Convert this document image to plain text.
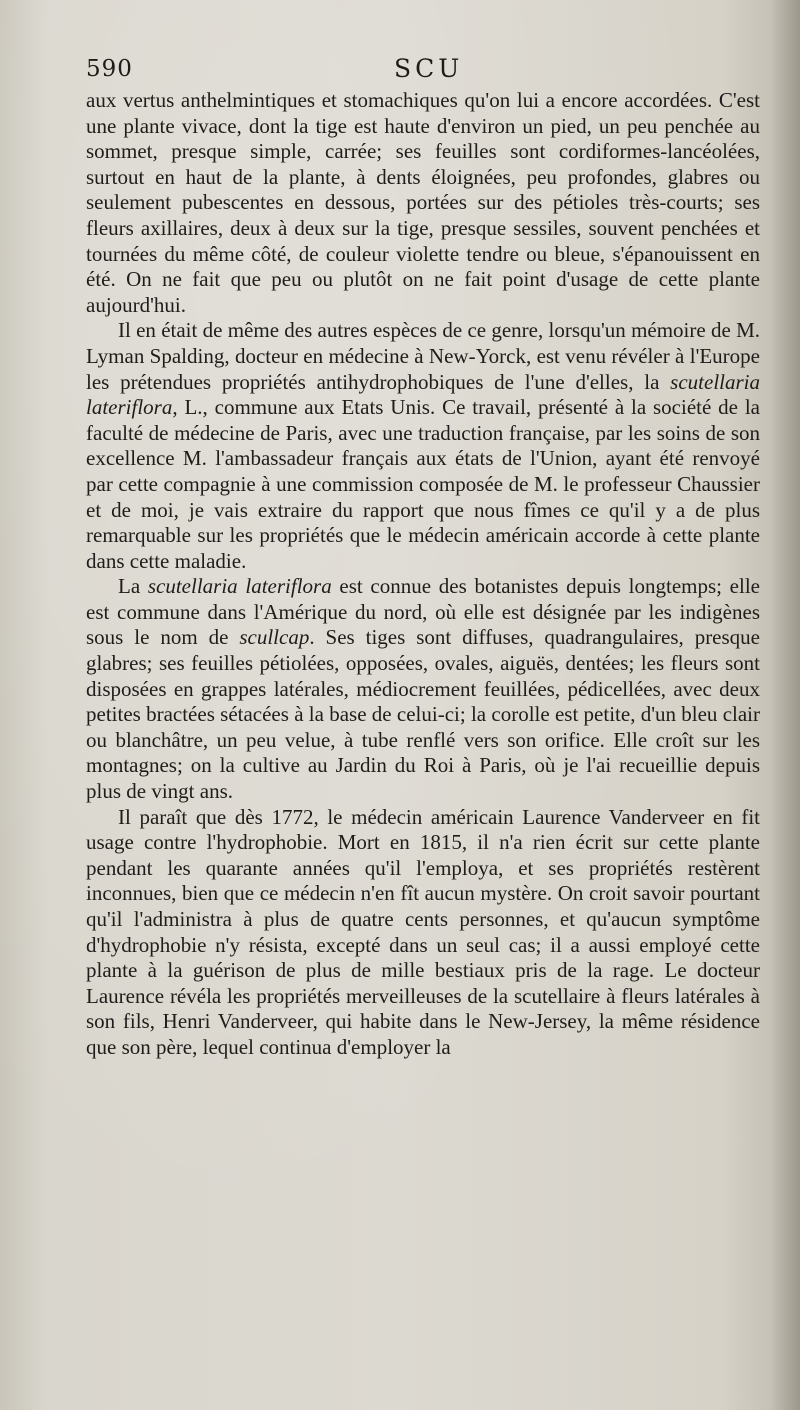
590	SCU

aux vertus anthelmintiques et stomachiques qu'on lui a encore accordées. C'est une plante vivace, dont la tige est haute d'environ un pied, un peu penchée au sommet, presque simple, carrée; ses feuilles sont cordiformes-lancéolées, surtout en haut de la plante, à dents éloignées, peu profondes, glabres ou seulement pubescentes en dessous, portées sur des pétioles très-courts; ses fleurs axillaires, deux à deux sur la tige, presque sessiles, souvent penchées et tournées du même côté, de couleur violette tendre ou bleue, s'épanouissent en été. On ne fait que peu ou plutôt on ne fait point d'usage de cette plante aujourd'hui.

Il en était de même des autres espèces de ce genre, lorsqu'un mémoire de M. Lyman Spalding, docteur en médecine à New-Yorck, est venu révéler à l'Europe les prétendues propriétés antihydrophobiques de l'une d'elles, la scutellaria lateriflora, L., commune aux Etats Unis. Ce travail, présenté à la société de la faculté de médecine de Paris, avec une traduction française, par les soins de son excellence M. l'ambassadeur français aux états de l'Union, ayant été renvoyé par cette compagnie à une commission composée de M. le professeur Chaussier et de moi, je vais extraire du rapport que nous fîmes ce qu'il y a de plus remarquable sur les propriétés que le médecin américain accorde à cette plante dans cette maladie.

La scutellaria lateriflora est connue des botanistes depuis longtemps; elle est commune dans l'Amérique du nord, où elle est désignée par les indigènes sous le nom de scullcap. Ses tiges sont diffuses, quadrangulaires, presque glabres; ses feuilles pétiolées, opposées, ovales, aiguës, dentées; les fleurs sont disposées en grappes latérales, médiocrement feuillées, pédicellées, avec deux petites bractées sétacées à la base de celui-ci; la corolle est petite, d'un bleu clair ou blanchâtre, un peu velue, à tube renflé vers son orifice. Elle croît sur les montagnes; on la cultive au Jardin du Roi à Paris, où je l'ai recueillie depuis plus de vingt ans.

Il paraît que dès 1772, le médecin américain Laurence Vanderveer en fit usage contre l'hydrophobie. Mort en 1815, il n'a rien écrit sur cette plante pendant les quarante années qu'il l'employa, et ses propriétés restèrent inconnues, bien que ce médecin n'en fît aucun mystère. On croit savoir pourtant qu'il l'administra à plus de quatre cents personnes, et qu'aucun symptôme d'hydrophobie n'y résista, excepté dans un seul cas; il a aussi employé cette plante à la guérison de plus de mille bestiaux pris de la rage. Le docteur Laurence révéla les propriétés merveilleuses de la scutellaire à fleurs latérales à son fils, Henri Vanderveer, qui habite dans le New-Jersey, la même résidence que son père, lequel continua d'employer la
